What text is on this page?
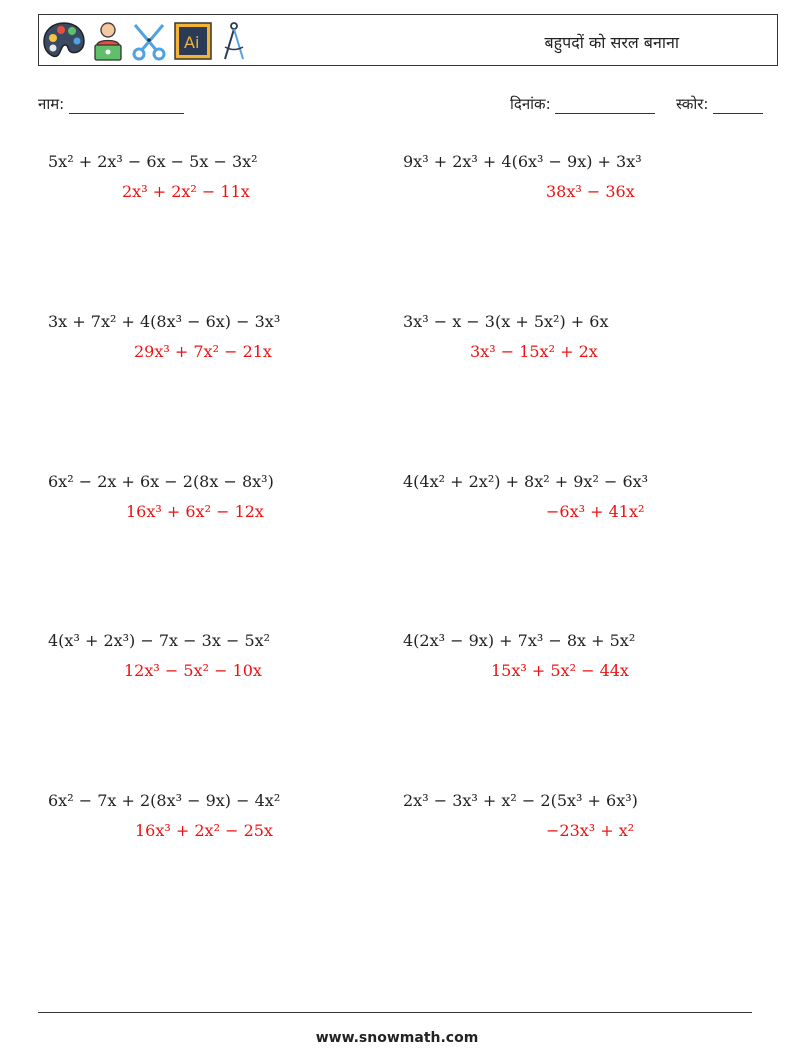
Ai	बहुपदों को सरल बनाना
नाम:	दिनांक:	स्कोर:
5x² + 2x³ − 6x − 5x − 3x²
2x³ + 2x² − 11x
9x³ + 2x³ + 4(6x³ − 9x) + 3x³
38x³ − 36x
3x + 7x² + 4(8x³ − 6x) − 3x³
29x³ + 7x² − 21x
3x³ − x − 3(x + 5x²) + 6x
3x³ − 15x² + 2x
6x² − 2x + 6x − 2(8x − 8x³)
16x³ + 6x² − 12x
4(4x² + 2x²) + 8x² + 9x² − 6x³
−6x³ + 41x²
4(x³ + 2x³) − 7x − 3x − 5x²
12x³ − 5x² − 10x
4(2x³ − 9x) + 7x³ − 8x + 5x²
15x³ + 5x² − 44x
6x² − 7x + 2(8x³ − 9x) − 4x²
16x³ + 2x² − 25x
2x³ − 3x³ + x² − 2(5x³ + 6x³)
−23x³ + x²
www.snowmath.com
